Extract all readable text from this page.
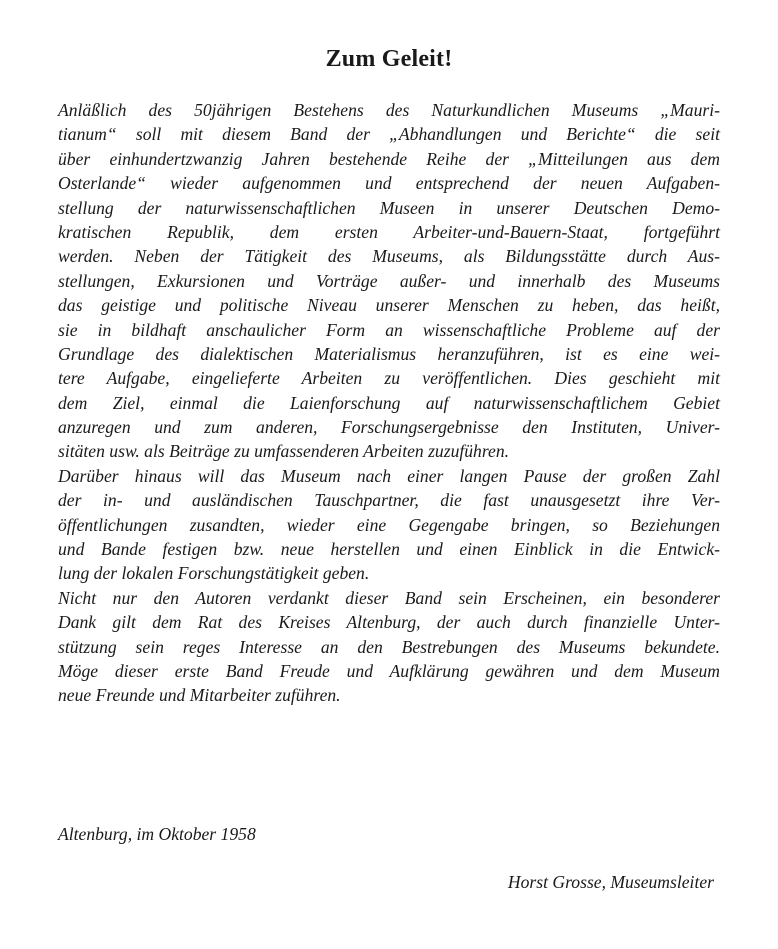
Zum Geleit!
Anläßlich des 50jährigen Bestehens des Naturkundlichen Museums „Mauri-
tianum“ soll mit diesem Band der „Abhandlungen und Berichte“ die seit
über einhundertzwanzig Jahren bestehende Reihe der „Mitteilungen aus dem
Osterlande“ wieder aufgenommen und entsprechend der neuen Aufgaben-
stellung der naturwissenschaftlichen Museen in unserer Deutschen Demo-
kratischen Republik, dem ersten Arbeiter-und-Bauern-Staat, fortgeführt
werden. Neben der Tätigkeit des Museums, als Bildungsstätte durch Aus-
stellungen, Exkursionen und Vorträge außer- und innerhalb des Museums
das geistige und politische Niveau unserer Menschen zu heben, das heißt,
sie in bildhaft anschaulicher Form an wissenschaftliche Probleme auf der
Grundlage des dialektischen Materialismus heranzuführen, ist es eine wei-
tere Aufgabe, eingelieferte Arbeiten zu veröffentlichen. Dies geschieht mit
dem Ziel, einmal die Laienforschung auf naturwissenschaftlichem Gebiet
anzuregen und zum anderen, Forschungsergebnisse den Instituten, Univer-
sitäten usw. als Beiträge zu umfassenderen Arbeiten zuzuführen.
Darüber hinaus will das Museum nach einer langen Pause der großen Zahl
der in- und ausländischen Tauschpartner, die fast unausgesetzt ihre Ver-
öffentlichungen zusandten, wieder eine Gegengabe bringen, so Beziehungen
und Bande festigen bzw. neue herstellen und einen Einblick in die Entwick-
lung der lokalen Forschungstätigkeit geben.
Nicht nur den Autoren verdankt dieser Band sein Erscheinen, ein besonderer
Dank gilt dem Rat des Kreises Altenburg, der auch durch finanzielle Unter-
stützung sein reges Interesse an den Bestrebungen des Museums bekundete.
Möge dieser erste Band Freude und Aufklärung gewähren und dem Museum
neue Freunde und Mitarbeiter zuführen.
Altenburg, im Oktober 1958
Horst Grosse, Museumsleiter
